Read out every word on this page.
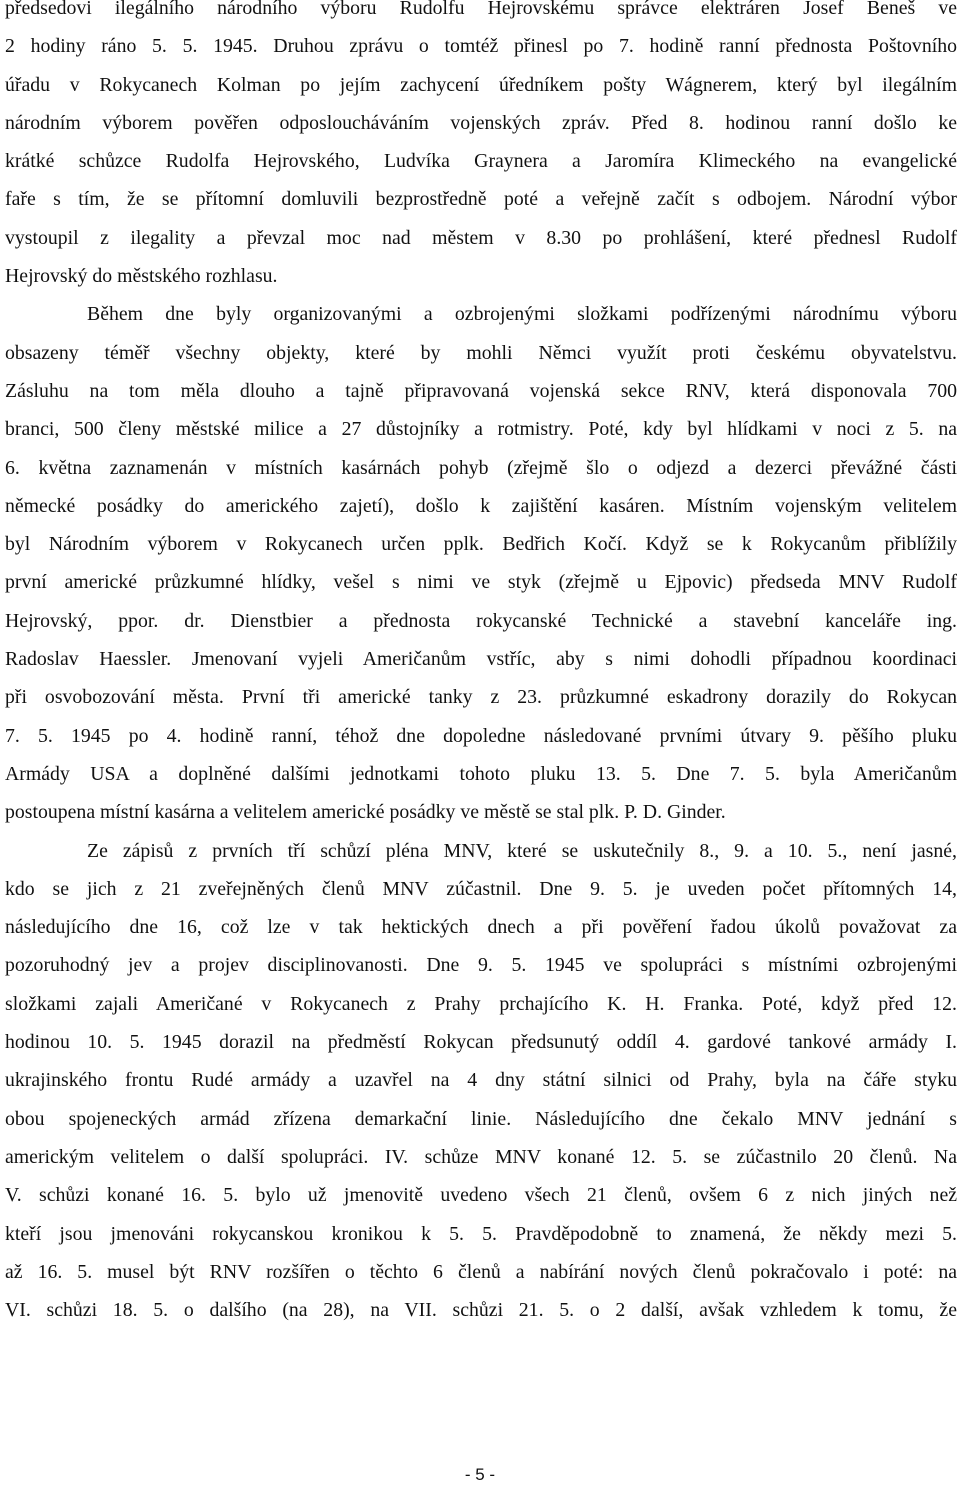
předsedovi ilegálního národního výboru Rudolfu Hejrovskému správce elektráren Josef Beneš ve
2 hodiny ráno 5. 5. 1945. Druhou zprávu o tomtéž přinesl po 7. hodině ranní přednosta Poštovního
úřadu v Rokycanech Kolman po jejím zachycení úředníkem pošty Wágnerem, který byl ilegálním
národním výborem pověřen odposloucháváním vojenských zpráv. Před 8. hodinou ranní došlo ke
krátké schůzce Rudolfa Hejrovského, Ludvíka Graynera a Jaromíra Klimeckého na evangelické
faře s tím, že se přítomní domluvili bezprostředně poté a veřejně začít s odbojem. Národní výbor
vystoupil z ilegality a převzal moc nad městem v 8.30 po prohlášení, které přednesl Rudolf
Hejrovský do městského rozhlasu.
Během dne byly organizovanými a ozbrojenými složkami podřízenými národnímu výboru
obsazeny téměř všechny objekty, které by mohli Němci využít proti českému obyvatelstvu.
Zásluhu na tom měla dlouho a tajně připravovaná vojenská sekce RNV, která disponovala 700
branci, 500 členy městské milice a 27 důstojníky a rotmistry. Poté, kdy byl hlídkami v noci z 5. na
6. května zaznamenán v místních kasárnách pohyb (zřejmě šlo o odjezd a dezerci převážné části
německé posádky do amerického zajetí), došlo k zajištění kasáren. Místním vojenským velitelem
byl Národním výborem v Rokycanech určen pplk. Bedřich Kočí. Když se k Rokycanům přiblížily
první americké průzkumné hlídky, vešel s nimi ve styk (zřejmě u Ejpovic) předseda MNV Rudolf
Hejrovský, ppor. dr. Dienstbier a přednosta rokycanské Technické a stavební kanceláře ing.
Radoslav Haessler. Jmenovaní vyjeli Američanům vstříc, aby s nimi dohodli případnou koordinaci
při osvobozování města. První tři americké tanky z 23. průzkumné eskadrony dorazily do Rokycan
7. 5. 1945 po 4. hodině ranní, téhož dne dopoledne následované prvními útvary 9. pěšího pluku
Armády USA a doplněné dalšími jednotkami tohoto pluku 13. 5. Dne 7. 5. byla Američanům
postoupena místní kasárna a velitelem americké posádky ve městě se stal plk. P. D. Ginder.
Ze zápisů z prvních tří schůzí pléna MNV, které se uskutečnily 8., 9. a 10. 5., není jasné,
kdo se jich z 21 zveřejněných členů MNV zúčastnil. Dne 9. 5. je uveden počet přítomných 14,
následujícího dne 16, což lze v tak hektických dnech a při pověření řadou úkolů považovat za
pozoruhodný jev a projev disciplinovanosti. Dne 9. 5. 1945 ve spolupráci s místními ozbrojenými
složkami zajali Američané v Rokycanech z Prahy prchajícího K. H. Franka. Poté, když před 12.
hodinou 10. 5. 1945 dorazil na předměstí Rokycan předsunutý oddíl 4. gardové tankové armády I.
ukrajinského frontu Rudé armády a uzavřel na 4 dny státní silnici od Prahy, byla na čáře styku
obou spojeneckých armád zřízena demarkační linie. Následujícího dne čekalo MNV jednání s
americkým velitelem o další spolupráci. IV. schůze MNV konané 12. 5. se zúčastnilo 20 členů. Na
V. schůzi konané 16. 5. bylo už jmenovitě uvedeno všech 21 členů, ovšem 6 z nich jiných než
kteří jsou jmenováni rokycanskou kronikou k 5. 5. Pravděpodobně to znamená, že někdy mezi 5.
až 16. 5. musel být RNV rozšířen o těchto 6 členů a nabírání nových členů pokračovalo i poté: na
VI. schůzi 18. 5. o dalšího (na 28), na VII. schůzi 21. 5. o 2 další, avšak vzhledem k tomu, že
- 5 -
